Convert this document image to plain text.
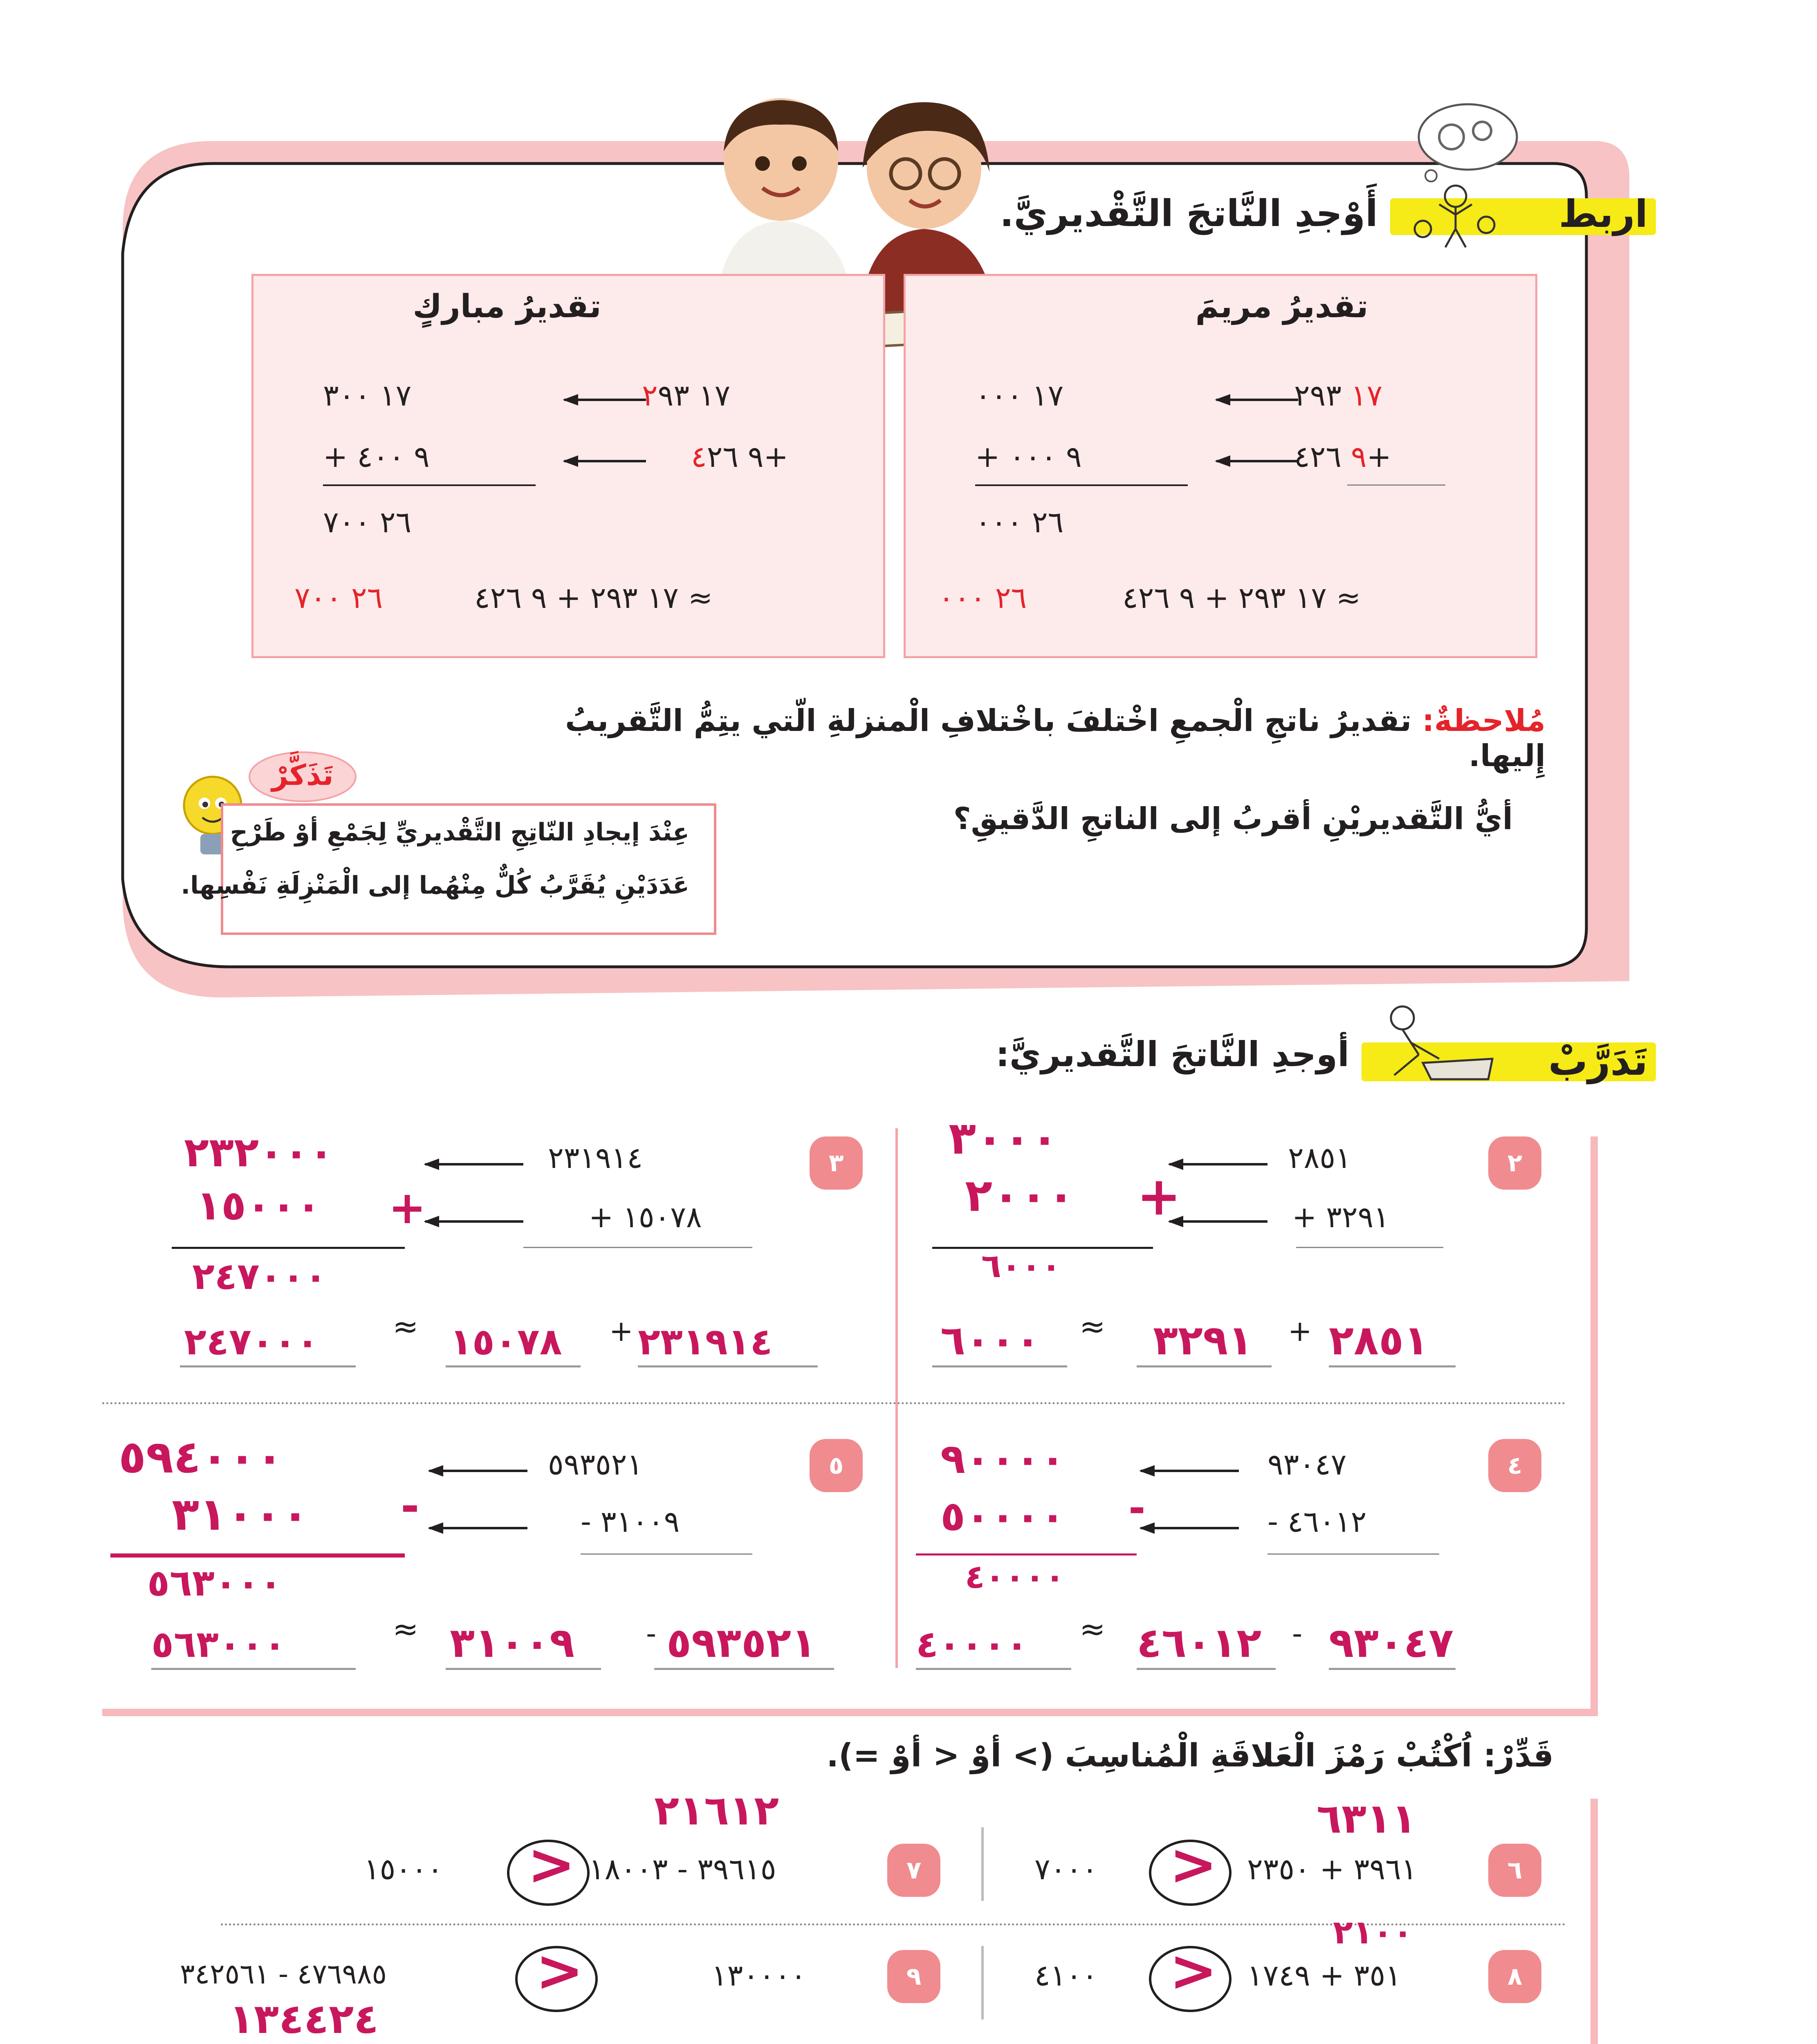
اربط
أَوْجدِ النَّاتجَ التَّقْديريَّ.
تقديرُ مريمَ
١٧ ٢٩٣
١٧ ٠٠٠
٩ ٤٢٦+
+ ٩ ٠٠٠
٢٦ ٠٠٠
٢٦ ٠٠٠	١٧ ٢٩٣ + ٩ ٤٢٦ ≈
تقديرُ مباركٍ
١٧ ٢٩٣
١٧ ٣٠٠
٩ ٤٢٦+
+ ٩ ٤٠٠
٢٦ ٧٠٠
٢٦ ٧٠٠	١٧ ٢٩٣ + ٩ ٤٢٦ ≈
مُلاحظةٌ: تقديرُ ناتجِ الْجمعِ اخْتلفَ باخْتلافِ الْمنزلةِ الّتي يتِمُّ التَّقريبُ إِليها.
أيُّ التَّقديريْنِ أقربُ إلى الناتجِ الدَّقيقِ؟
تَذَكَّرْ
عِنْدَ إيجادِ النّاتِجِ التَّقْديريِّ لِجَمْعِ أوْ طَرْحِ
عَدَدَيْنِ يُقَرَّبُ كُلٌّ مِنْهُما إلى الْمَنْزِلَةِ نَفْسِها.
تَدَرَّبْ
أوجدِ النَّاتجَ التَّقديريَّ:
٢
٢٨٥١
+ ٣٢٩١
٣٠٠٠
٢٠٠٠ +
٦٠٠٠
٢٨٥١
+
٣٢٩١
≈
٦٠٠٠
٣
٢٣١٩١٤
+ ١٥٠٧٨
٢٣٢٠٠٠
١٥٠٠٠ +
٢٤٧٠٠٠
٢٣١٩١٤
+
١٥٠٧٨
≈
٢٤٧٠٠٠
٤
٩٣٠٤٧
- ٤٦٠١٢
٩٠٠٠٠
٥٠٠٠٠ -
٤٠٠٠٠
٩٣٠٤٧
-
٤٦٠١٢
≈
٤٠٠٠٠
٥
٥٩٣٥٢١
- ٣١٠٠٩
٥٩٤٠٠٠
٣١٠٠٠ -
٥٦٣٠٠٠
٥٩٣٥٢١
-
٣١٠٠٩
≈
٥٦٣٠٠٠
قَدِّرْ: اُكْتُبْ رَمْزَ الْعَلاقَةِ الْمُناسِبَ (> أوْ < أوْ =).
٦
٣٩٦١ + ٢٣٥٠
>
٧٠٠٠
٦٣١١
٧
٣٩٦١٥ - ١٨٠٠٣
>
١٥٠٠٠
٢١٦١٢
٨
٣٥١ + ١٧٤٩
>
٤١٠٠
٢١٠٠
٩
١٣٠٠٠٠
>
٤٧٦٩٨٥ - ٣٤٢٥٦١
١٣٤٤٢٤
